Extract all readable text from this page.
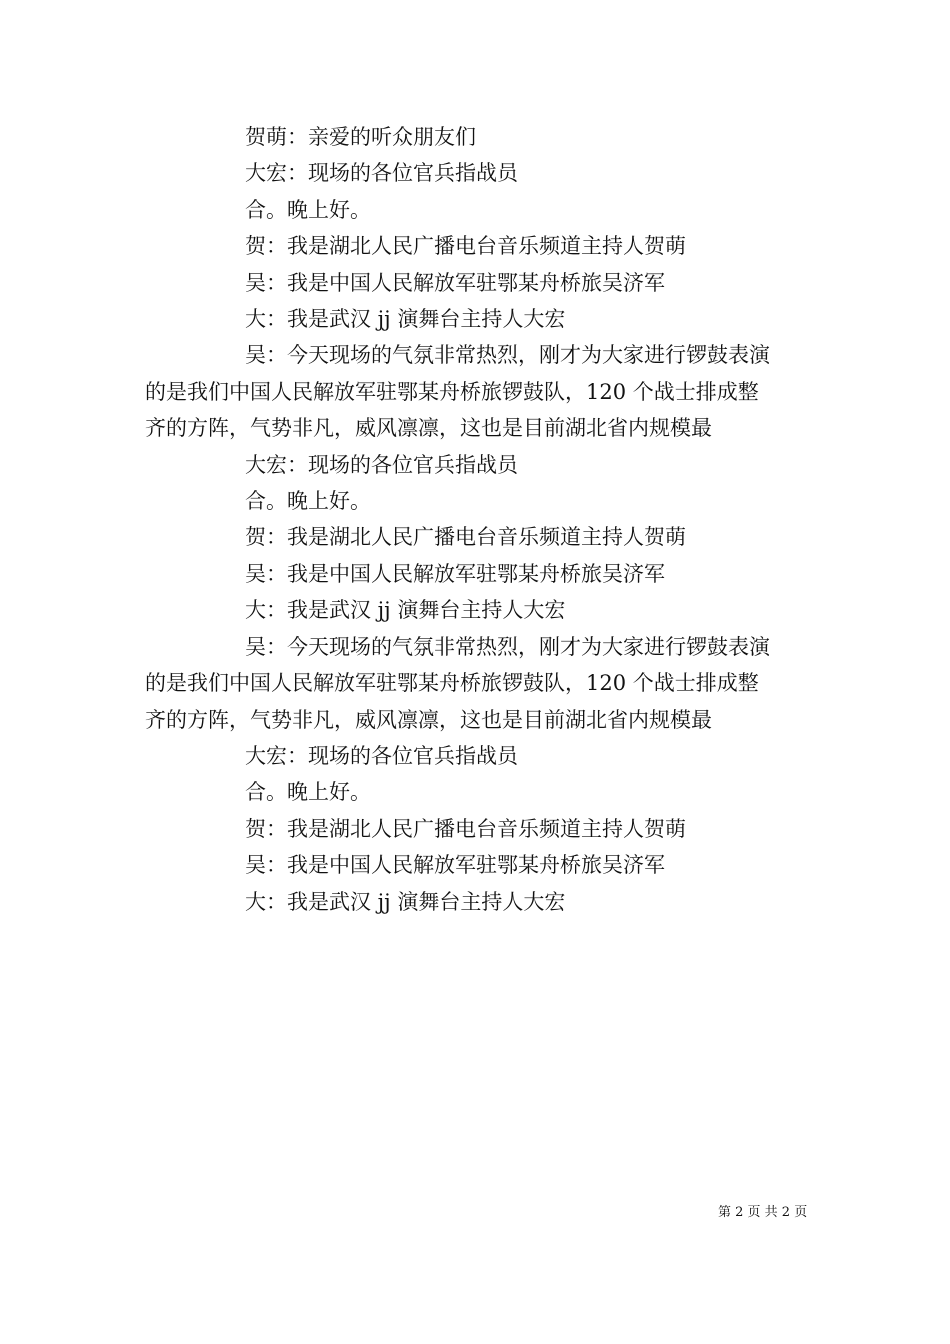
贺萌：亲爱的听众朋友们

大宏：现场的各位官兵指战员

合。晚上好。

贺：我是湖北人民广播电台音乐频道主持人贺萌

吴：我是中国人民解放军驻鄂某舟桥旅吴济军

大：我是武汉 jj 演舞台主持人大宏

吴：今天现场的气氛非常热烈，刚才为大家进行锣鼓表演
的是我们中国人民解放军驻鄂某舟桥旅锣鼓队，120 个战士排成整
齐的方阵，气势非凡，威风凛凛，这也是目前湖北省内规模最

大宏：现场的各位官兵指战员

合。晚上好。

贺：我是湖北人民广播电台音乐频道主持人贺萌

吴：我是中国人民解放军驻鄂某舟桥旅吴济军

大：我是武汉 jj 演舞台主持人大宏

吴：今天现场的气氛非常热烈，刚才为大家进行锣鼓表演
的是我们中国人民解放军驻鄂某舟桥旅锣鼓队，120 个战士排成整
齐的方阵，气势非凡，威风凛凛，这也是目前湖北省内规模最

大宏：现场的各位官兵指战员

合。晚上好。

贺：我是湖北人民广播电台音乐频道主持人贺萌

吴：我是中国人民解放军驻鄂某舟桥旅吴济军

大：我是武汉 jj 演舞台主持人大宏

第 2 页 共 2 页
